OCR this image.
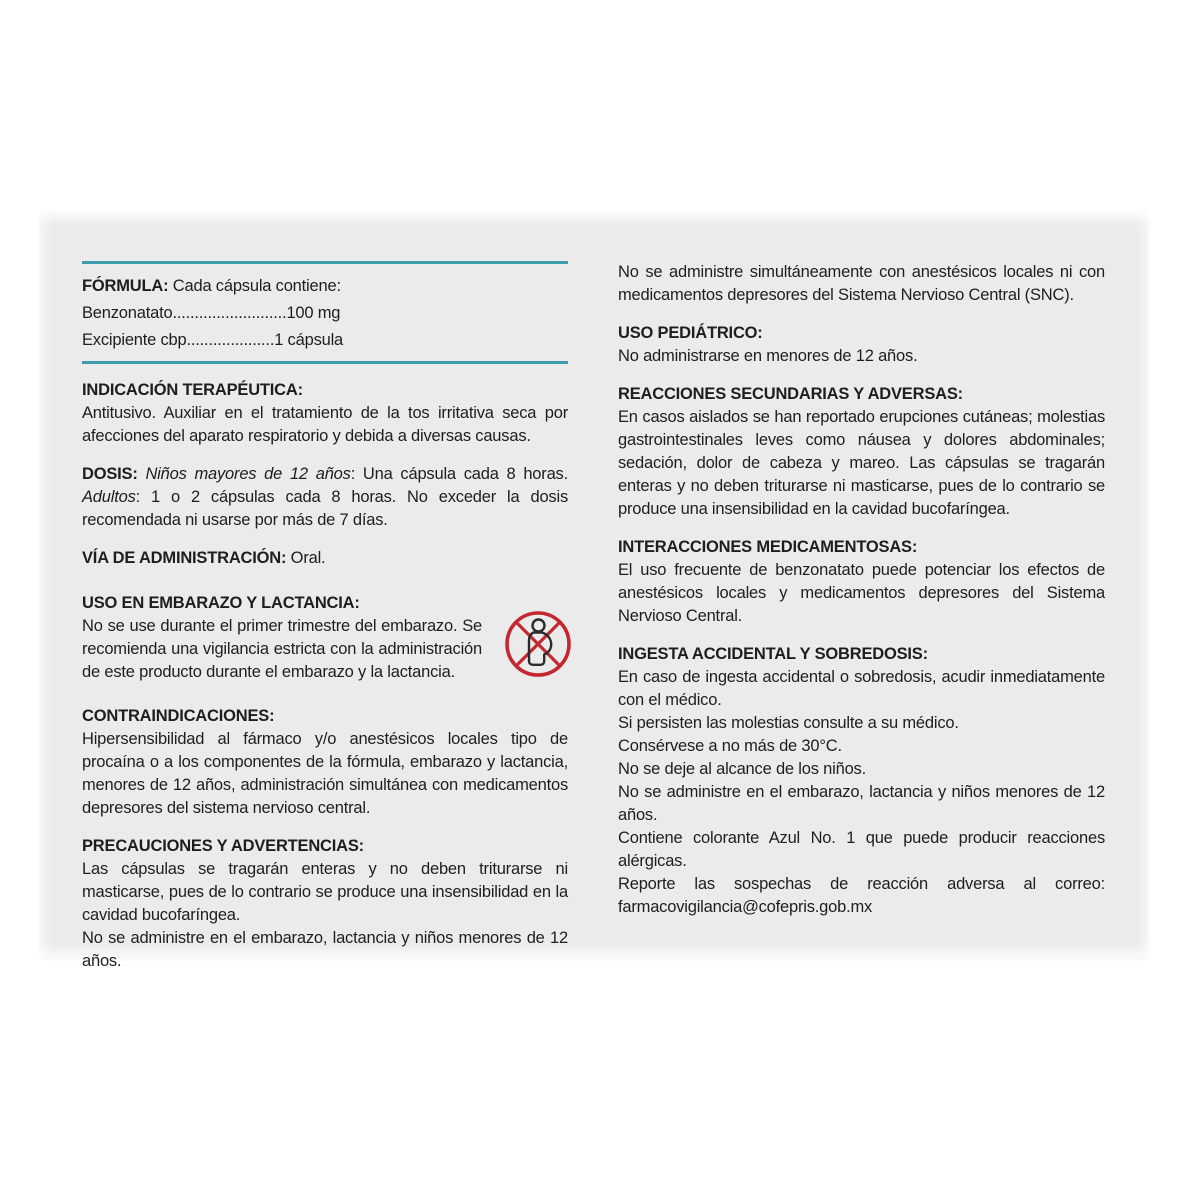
FÓRMULA: Cada cápsula contiene:

Benzonatato..........................100 mg

Excipiente cbp....................1 cápsula

INDICACIÓN TERAPÉUTICA:

Antitusivo. Auxiliar en el tratamiento de la tos irritativa seca por afecciones del aparato respiratorio y debida a diversas causas.

DOSIS: Niños mayores de 12 años: Una cápsula cada 8 horas. Adultos: 1 o 2 cápsulas cada 8 horas. No exceder la dosis recomendada ni usarse por más de 7 días.

VÍA DE ADMINISTRACIÓN: Oral.

USO EN EMBARAZO Y LACTANCIA:

No se use durante el primer trimestre del embarazo. Se recomienda una vigilancia estricta con la administración de este producto durante el embarazo y la lactancia.

CONTRAINDICACIONES:

Hipersensibilidad al fármaco y/o anestésicos locales tipo de procaína o a los componentes de la fórmula, embarazo y lactancia, menores de 12 años, administración simultánea con medicamentos depresores del sistema nervioso central.

PRECAUCIONES Y ADVERTENCIAS:

Las cápsulas se tragarán enteras y no deben triturarse ni masticarse, pues de lo contrario se produce una insensibilidad en la cavidad bucofaríngea.

No se administre en el embarazo, lactancia y niños menores de 12 años.

No se administre simultáneamente con anestésicos locales ni con medicamentos depresores del Sistema Nervioso Central (SNC).

USO PEDIÁTRICO:

No administrarse en menores de 12 años.

REACCIONES SECUNDARIAS Y ADVERSAS:

En casos aislados se han reportado erupciones cutáneas; molestias gastrointestinales leves como náusea y dolores abdominales; sedación, dolor de cabeza y mareo. Las cápsulas se tragarán enteras y no deben triturarse ni masticarse, pues de lo contrario se produce una insensibilidad en la cavidad bucofaríngea.

INTERACCIONES MEDICAMENTOSAS:

El uso frecuente de benzonatato puede potenciar los efectos de anestésicos locales y medicamentos depresores del Sistema Nervioso Central.

INGESTA ACCIDENTAL Y SOBREDOSIS:

En caso de ingesta accidental o sobredosis, acudir inmediatamente con el médico.

Si persisten las molestias consulte a su médico.

Consérvese a no más de 30°C.

No se deje al alcance de los niños.

No se administre en el embarazo, lactancia y niños menores de 12 años.

Contiene colorante Azul No. 1 que puede producir reacciones alérgicas.

Reporte las sospechas de reacción adversa al correo: farmacovigilancia@cofepris.gob.mx
